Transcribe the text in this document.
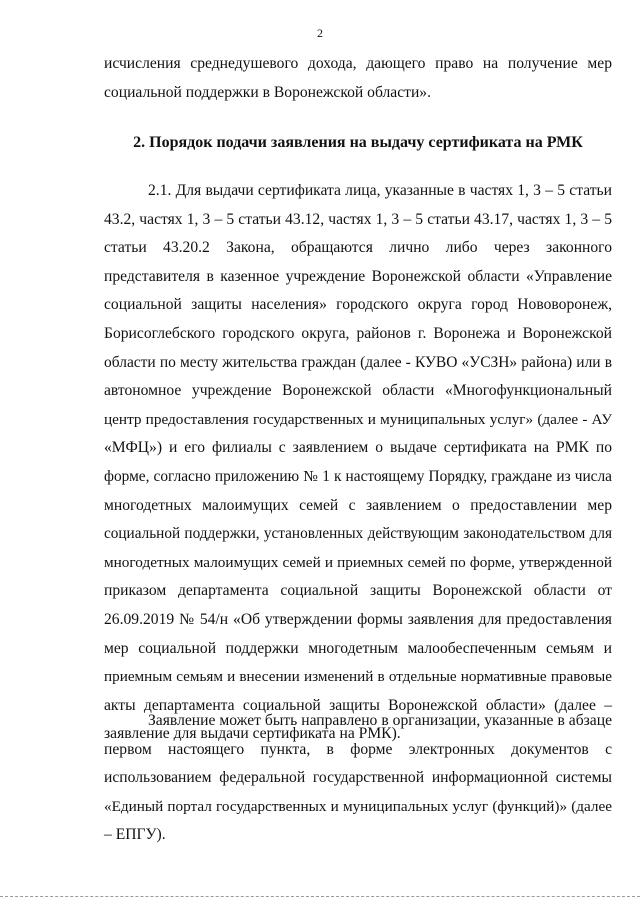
2
исчисления среднедушевого дохода, дающего право на получение мер
социальной поддержки в Воронежской области».
2. Порядок подачи заявления на выдачу сертификата на РМК
2.1. Для выдачи сертификата лица, указанные в частях 1, 3 – 5 статьи
43.2, частях 1, 3 – 5 статьи 43.12, частях 1, 3 – 5 статьи 43.17, частях 1, 3 – 5
статьи 43.20.2 Закона, обращаются лично либо через законного
представителя в казенное учреждение Воронежской области «Управление
социальной защиты населения» городского округа город Нововоронеж,
Борисоглебского городского округа, районов г. Воронежа и Воронежской
области по месту жительства граждан (далее - КУВО «УСЗН» района) или в
автономное учреждение Воронежской области «Многофункциональный
центр предоставления государственных и муниципальных услуг» (далее - АУ
«МФЦ») и его филиалы с заявлением о выдаче сертификата на РМК по
форме, согласно приложению № 1 к настоящему Порядку, граждане из числа
многодетных малоимущих семей с заявлением о предоставлении мер
социальной поддержки, установленных действующим законодательством для
многодетных малоимущих семей и приемных семей по форме, утвержденной
приказом департамента социальной защиты Воронежской области от
26.09.2019 № 54/н «Об утверждении формы заявления для предоставления
мер социальной поддержки многодетным малообеспеченным семьям и
приемным семьям и внесении изменений в отдельные нормативные правовые
акты департамента социальной защиты Воронежской области» (далее –
заявление для выдачи сертификата на РМК).
Заявление может быть направлено в организации, указанные в абзаце
первом настоящего пункта, в форме электронных документов с
использованием федеральной государственной информационной системы
«Единый портал государственных и муниципальных услуг (функций)» (далее
– ЕПГУ).
